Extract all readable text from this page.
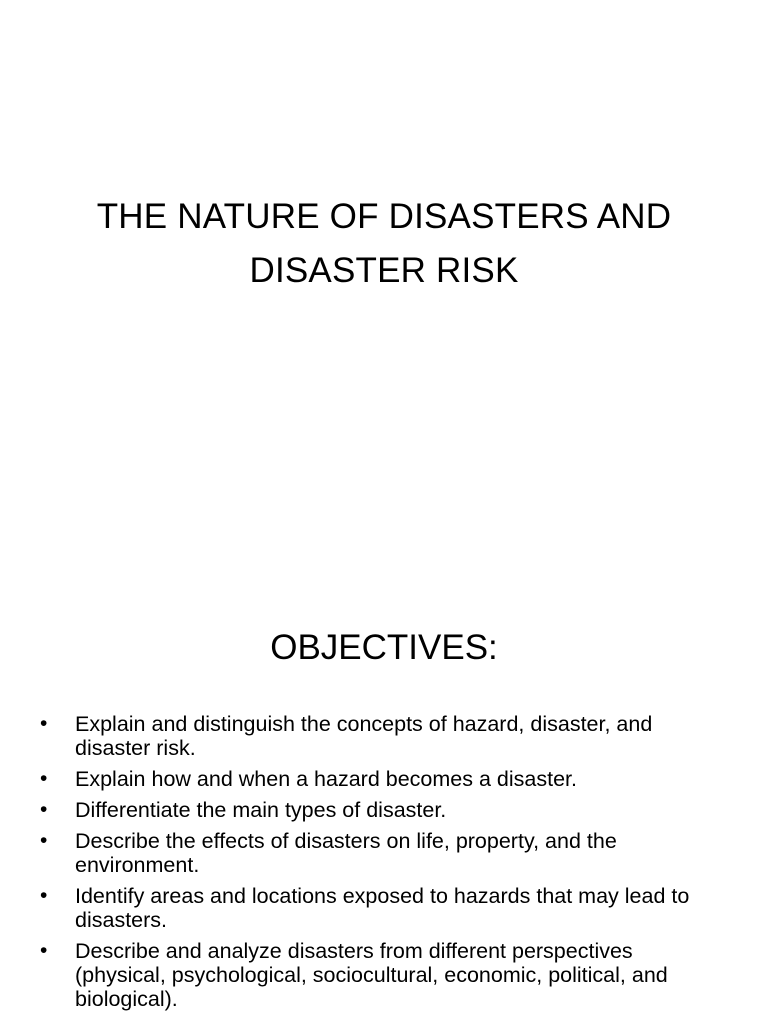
THE NATURE OF DISASTERS AND
DISASTER RISK
OBJECTIVES:
•	Explain and distinguish the concepts of hazard, disaster, and disaster risk.
•	Explain how and when a hazard becomes a disaster.
•	Differentiate the main types of disaster.
•	Describe the effects of disasters on life, property, and the environment.
•	Identify areas and locations exposed to hazards that may lead to disasters.
•	Describe and analyze disasters from different perspectives (physical, psychological, sociocultural, economic, political, and biological).
